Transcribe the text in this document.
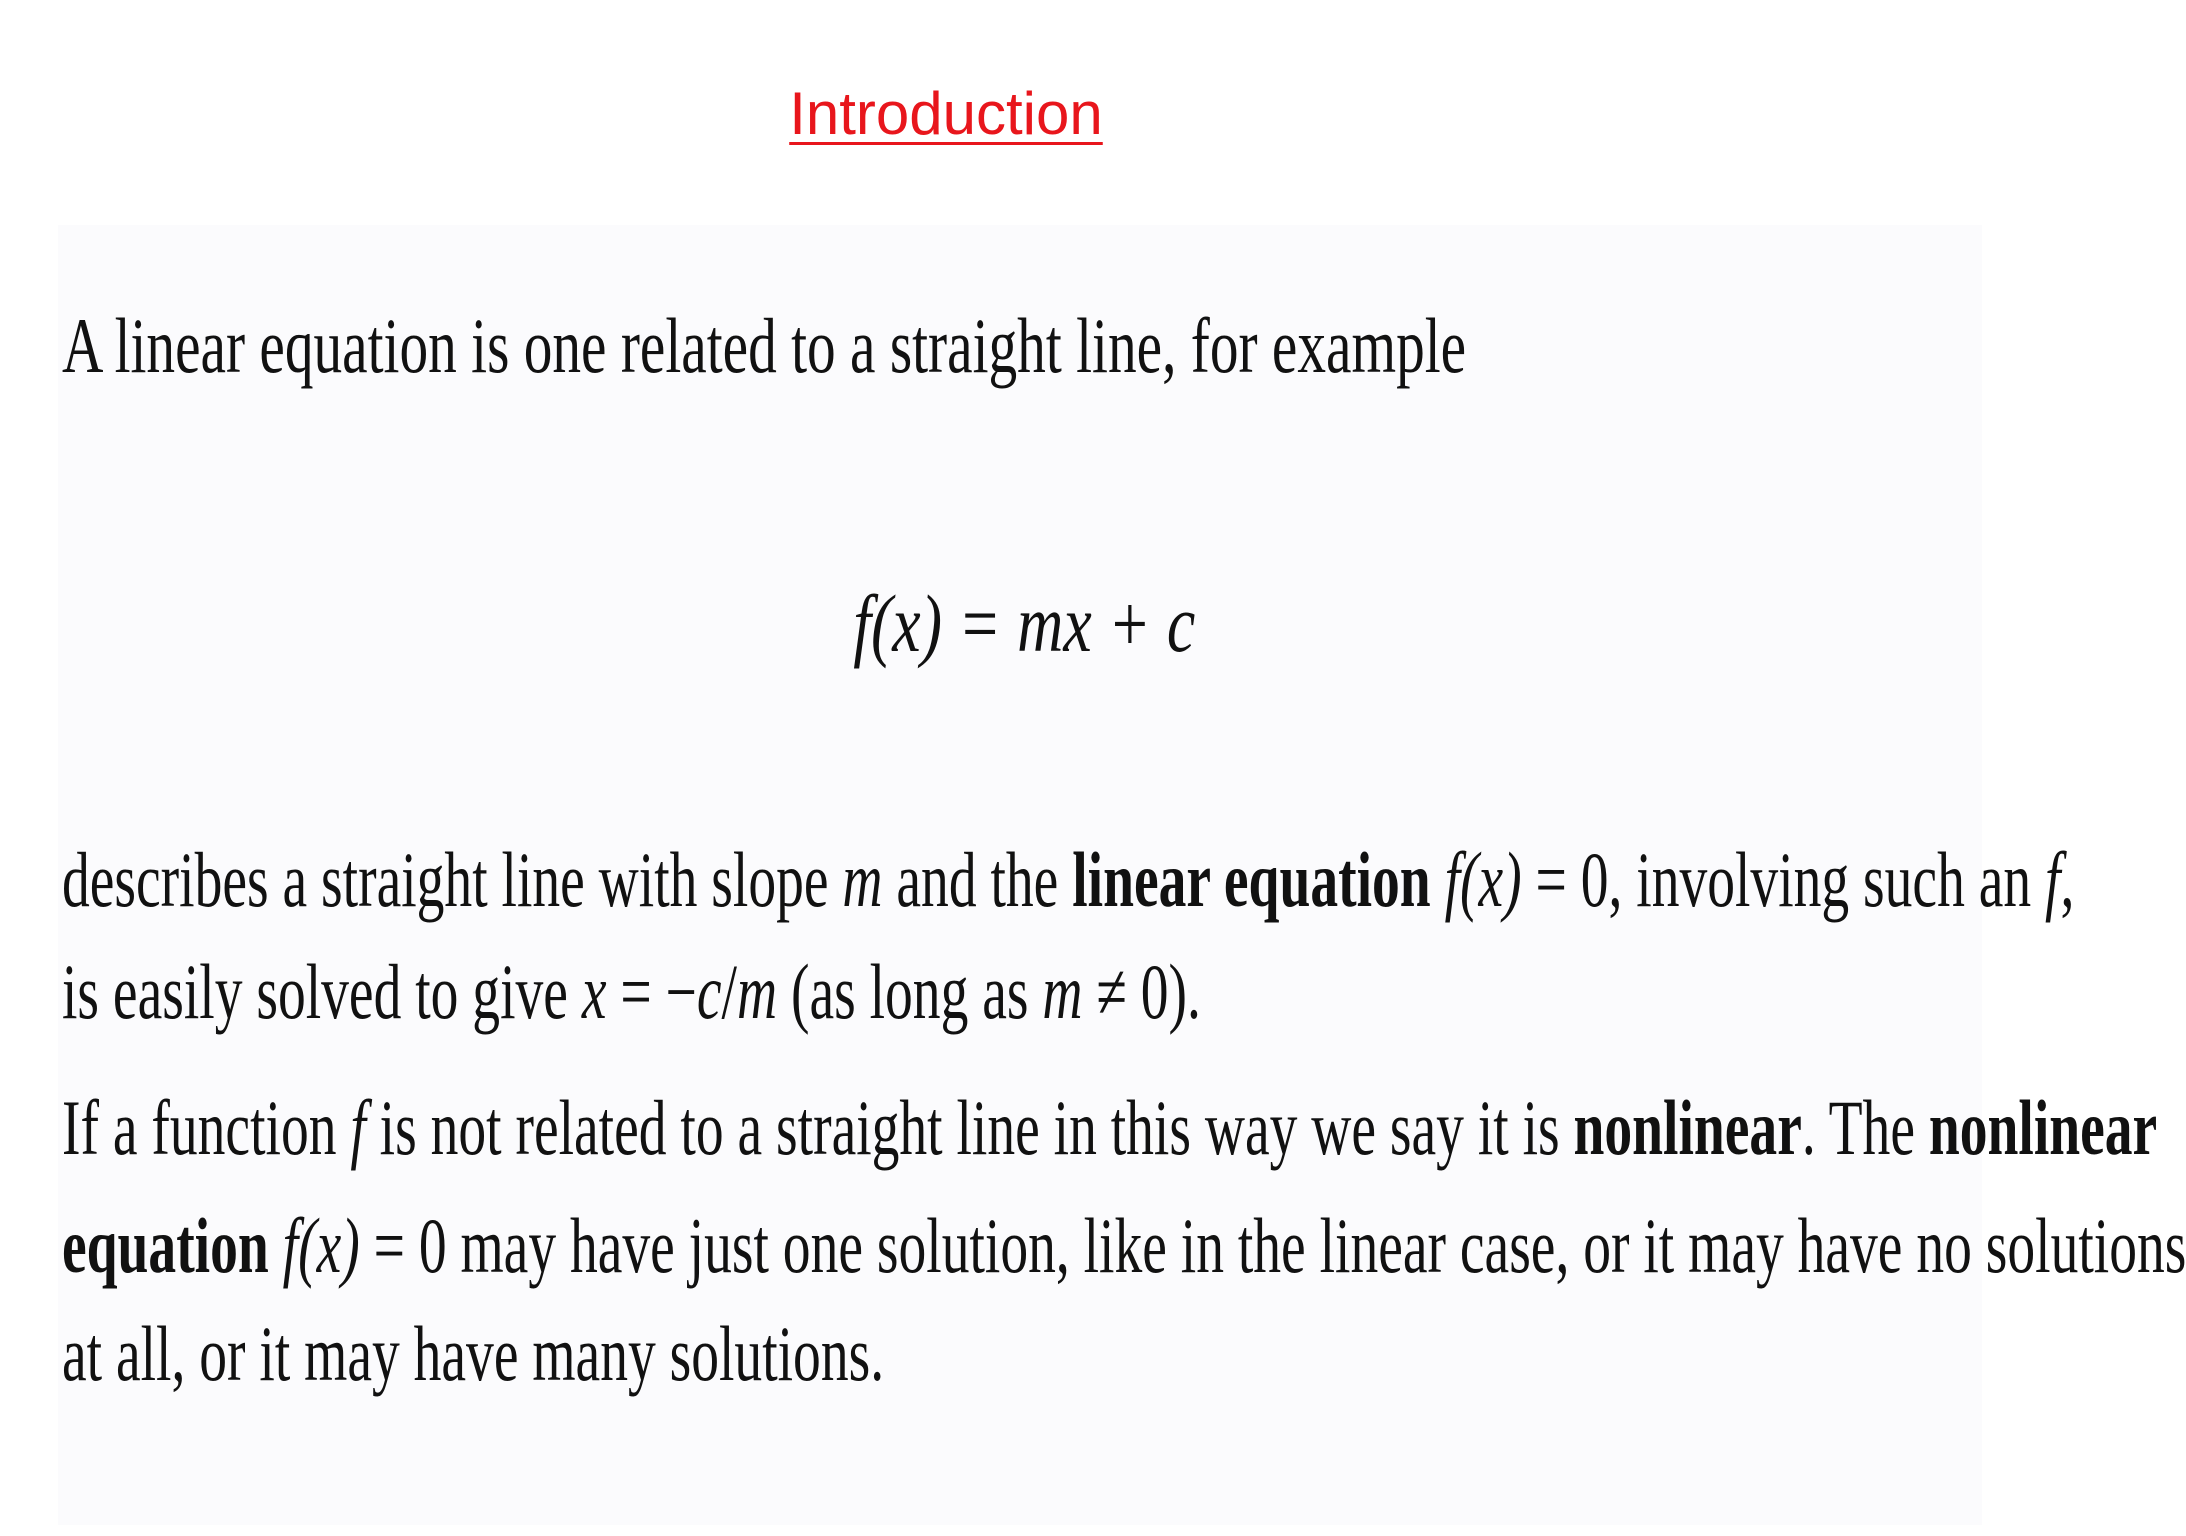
Introduction
A linear equation is one related to a straight line, for example
f(x) = mx + c
describes a straight line with slope m and the linear equation f(x) = 0, involving such an f,
is easily solved to give x = −c/m (as long as m ≠ 0).
If a function f is not related to a straight line in this way we say it is nonlinear. The nonlinear
equation f(x) = 0 may have just one solution, like in the linear case, or it may have no solutions
at all, or it may have many solutions.
